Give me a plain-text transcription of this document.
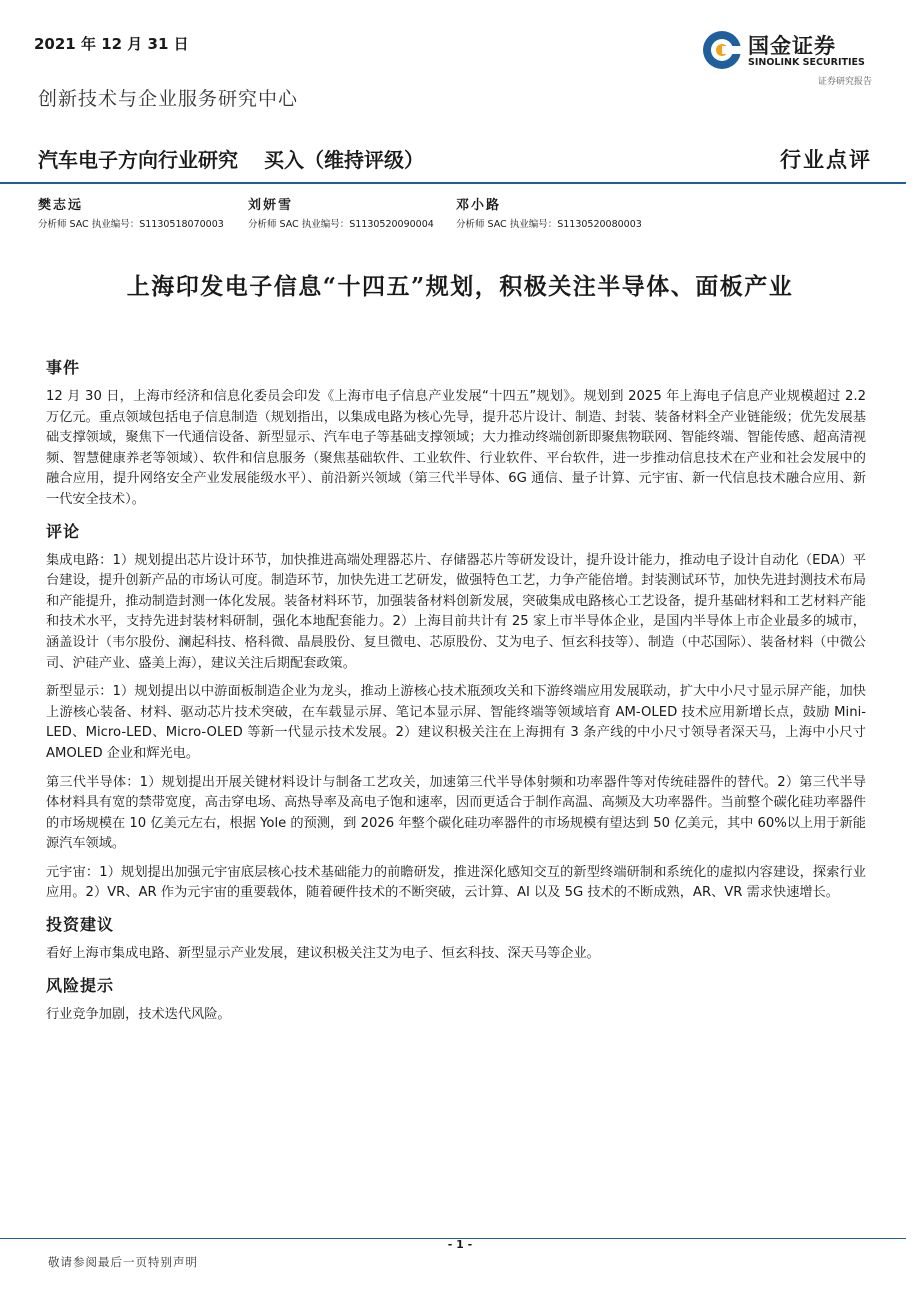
2021 年 12 月 31 日
创新技术与企业服务研究中心
国金证券
SINOLINK SECURITIES
证券研究报告
汽车电子方向行业研究 买入（维持评级）	行业点评
樊志远
分析师 SAC 执业编号：S1130518070003
刘妍雪
分析师 SAC 执业编号：S1130520090004
邓小路
分析师 SAC 执业编号：S1130520080003
上海印发电子信息“十四五”规划，积极关注半导体、面板产业
事件

12 月 30 日，上海市经济和信息化委员会印发《上海市电子信息产业发展“十四五”规划》。规划到 2025 年上海电子信息产业规模超过 2.2 万亿元。重点领域包括电子信息制造（规划指出，以集成电路为核心先导，提升芯片设计、制造、封装、装备材料全产业链能级；优先发展基础支撑领域，聚焦下一代通信设备、新型显示、汽车电子等基础支撑领域；大力推动终端创新即聚焦物联网、智能终端、智能传感、超高清视频、智慧健康养老等领域）、软件和信息服务（聚焦基础软件、工业软件、行业软件、平台软件，进一步推动信息技术在产业和社会发展中的融合应用，提升网络安全产业发展能级水平）、前沿新兴领域（第三代半导体、6G 通信、量子计算、元宇宙、新一代信息技术融合应用、新一代安全技术）。

评论

集成电路：1）规划提出芯片设计环节，加快推进高端处理器芯片、存储器芯片等研发设计，提升设计能力，推动电子设计自动化（EDA）平台建设，提升创新产品的市场认可度。制造环节，加快先进工艺研发，做强特色工艺，力争产能倍增。封装测试环节，加快先进封测技术布局和产能提升，推动制造封测一体化发展。装备材料环节，加强装备材料创新发展，突破集成电路核心工艺设备，提升基础材料和工艺材料产能和技术水平，支持先进封装材料研制，强化本地配套能力。2）上海目前共计有 25 家上市半导体企业，是国内半导体上市企业最多的城市，涵盖设计（韦尔股份、澜起科技、格科微、晶晨股份、复旦微电、芯原股份、艾为电子、恒玄科技等）、制造（中芯国际）、装备材料（中微公司、沪硅产业、盛美上海），建议关注后期配套政策。

新型显示：1）规划提出以中游面板制造企业为龙头，推动上游核心技术瓶颈攻关和下游终端应用发展联动，扩大中小尺寸显示屏产能，加快上游核心装备、材料、驱动芯片技术突破，在车载显示屏、笔记本显示屏、智能终端等领域培育 AM-OLED 技术应用新增长点，鼓励 Mini-LED、Micro-LED、Micro-OLED 等新一代显示技术发展。2）建议积极关注在上海拥有 3 条产线的中小尺寸领导者深天马，上海中小尺寸 AMOLED 企业和辉光电。

第三代半导体：1）规划提出开展关键材料设计与制备工艺攻关，加速第三代半导体射频和功率器件等对传统硅器件的替代。2）第三代半导体材料具有宽的禁带宽度，高击穿电场、高热导率及高电子饱和速率，因而更适合于制作高温、高频及大功率器件。当前整个碳化硅功率器件的市场规模在 10 亿美元左右，根据 Yole 的预测，到 2026 年整个碳化硅功率器件的市场规模有望达到 50 亿美元，其中 60%以上用于新能源汽车领域。

元宇宙：1）规划提出加强元宇宙底层核心技术基础能力的前瞻研发，推进深化感知交互的新型终端研制和系统化的虚拟内容建设，探索行业应用。2）VR、AR 作为元宇宙的重要载体，随着硬件技术的不断突破，云计算、AI 以及 5G 技术的不断成熟，AR、VR 需求快速增长。

投资建议

看好上海市集成电路、新型显示产业发展，建议积极关注艾为电子、恒玄科技、深天马等企业。

风险提示

行业竞争加剧，技术迭代风险。

- 1 -
敬请参阅最后一页特别声明
